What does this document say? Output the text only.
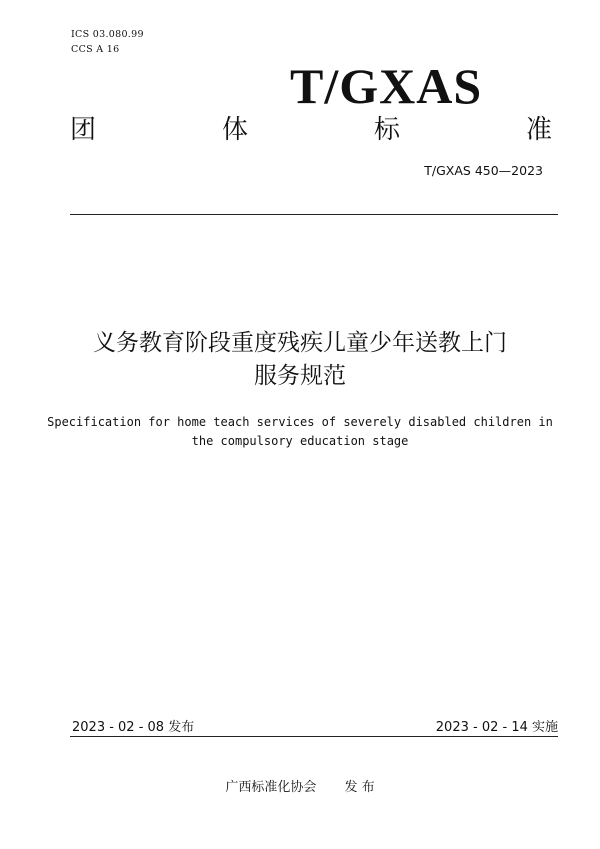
ICS 03.080.99
CCS A 16
T/GXAS
团	体	标	准
T/GXAS 450—2023
义务教育阶段重度残疾儿童少年送教上门
服务规范
Specification for home teach services of severely disabled children in
the compulsory education stage
2023 - 02 - 08 发布	2023 - 02 - 14 实施
广西标准化协会 发 布
